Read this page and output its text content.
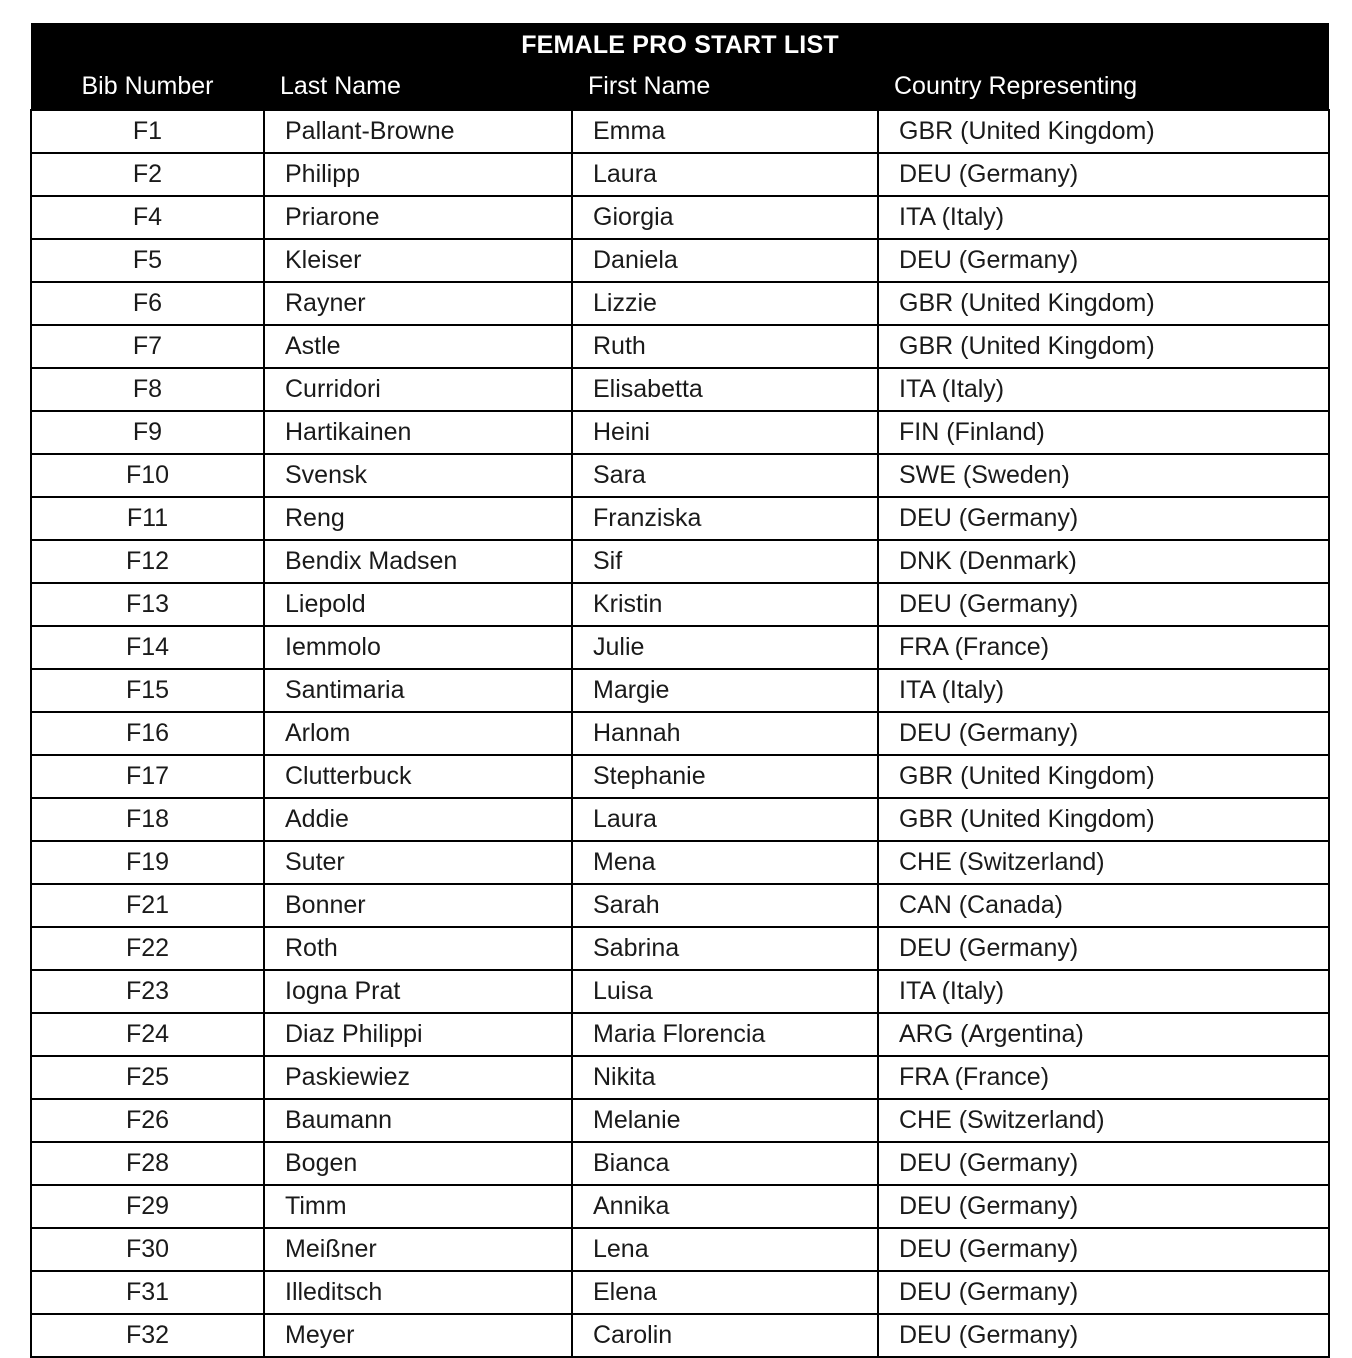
FEMALE PRO START LIST			
Bib Number	Last Name	First Name	Country Representing
F1	Pallant-Browne	Emma	GBR (United Kingdom)
F2	Philipp	Laura	DEU (Germany)
F4	Priarone	Giorgia	ITA (Italy)
F5	Kleiser	Daniela	DEU (Germany)
F6	Rayner	Lizzie	GBR (United Kingdom)
F7	Astle	Ruth	GBR (United Kingdom)
F8	Curridori	Elisabetta	ITA (Italy)
F9	Hartikainen	Heini	FIN (Finland)
F10	Svensk	Sara	SWE (Sweden)
F11	Reng	Franziska	DEU (Germany)
F12	Bendix Madsen	Sif	DNK (Denmark)
F13	Liepold	Kristin	DEU (Germany)
F14	Iemmolo	Julie	FRA (France)
F15	Santimaria	Margie	ITA (Italy)
F16	Arlom	Hannah	DEU (Germany)
F17	Clutterbuck	Stephanie	GBR (United Kingdom)
F18	Addie	Laura	GBR (United Kingdom)
F19	Suter	Mena	CHE (Switzerland)
F21	Bonner	Sarah	CAN (Canada)
F22	Roth	Sabrina	DEU (Germany)
F23	Iogna Prat	Luisa	ITA (Italy)
F24	Diaz Philippi	Maria Florencia	ARG (Argentina)
F25	Paskiewiez	Nikita	FRA (France)
F26	Baumann	Melanie	CHE (Switzerland)
F28	Bogen	Bianca	DEU (Germany)
F29	Timm	Annika	DEU (Germany)
F30	Meißner	Lena	DEU (Germany)
F31	Illeditsch	Elena	DEU (Germany)
F32	Meyer	Carolin	DEU (Germany)
